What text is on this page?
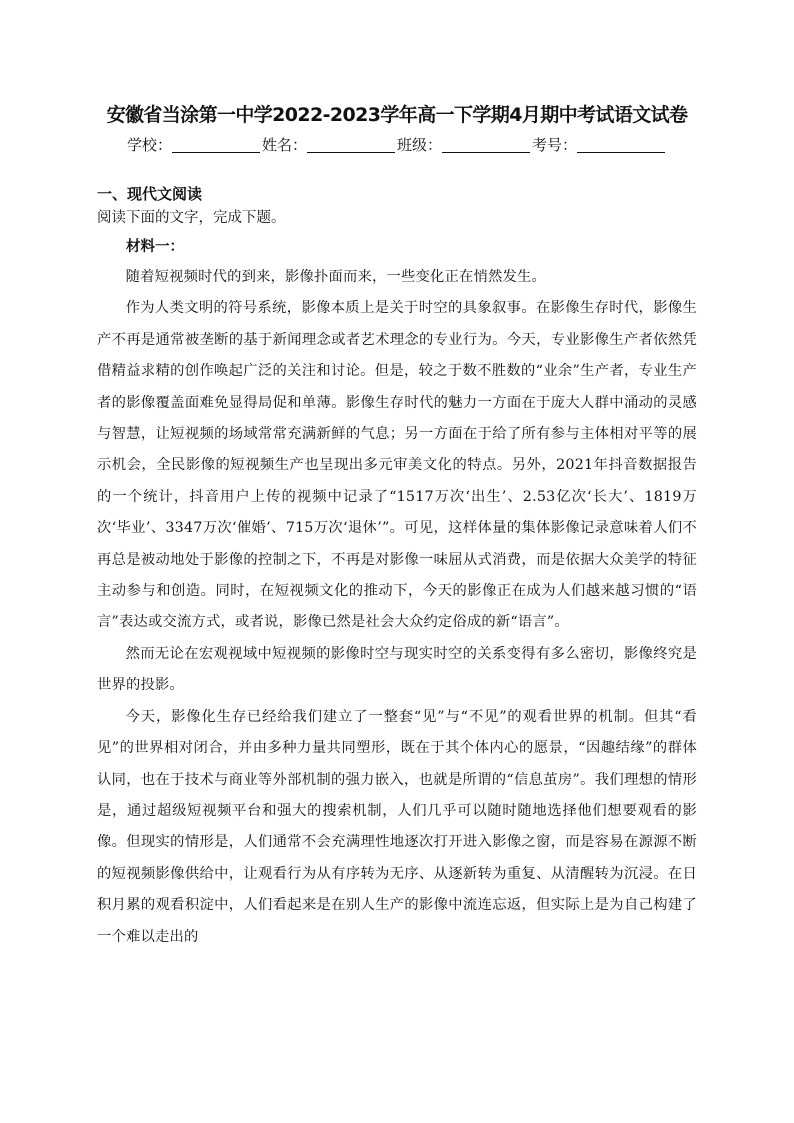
安徽省当涂第一中学2022-2023学年高一下学期4月期中考试语文试卷
学校：	姓名：	班级：	考号：
一、现代文阅读
阅读下面的文字，完成下题。
材料一：

随着短视频时代的到来，影像扑面而来，一些变化正在悄然发生。

作为人类文明的符号系统，影像本质上是关于时空的具象叙事。在影像生存时代，影像生产不再是通常被垄断的基于新闻理念或者艺术理念的专业行为。今天，专业影像生产者依然凭借精益求精的创作唤起广泛的关注和讨论。但是，较之于数不胜数的“业余”生产者，专业生产者的影像覆盖面难免显得局促和单薄。影像生存时代的魅力一方面在于庞大人群中涌动的灵感与智慧，让短视频的场域常常充满新鲜的气息；另一方面在于给了所有参与主体相对平等的展示机会，全民影像的短视频生产也呈现出多元审美文化的特点。另外，2021年抖音数据报告的一个统计，抖音用户上传的视频中记录了“1517万次‘出生’、2.53亿次‘长大’、1819万次‘毕业’、3347万次‘催婚’、715万次‘退休’”。可见，这样体量的集体影像记录意味着人们不再总是被动地处于影像的控制之下，不再是对影像一味屈从式消费，而是依据大众美学的特征主动参与和创造。同时，在短视频文化的推动下，今天的影像正在成为人们越来越习惯的“语言”表达或交流方式，或者说，影像已然是社会大众约定俗成的新“语言”。

然而无论在宏观视域中短视频的影像时空与现实时空的关系变得有多么密切，影像终究是世界的投影。

今天，影像化生存已经给我们建立了一整套“见”与“不见”的观看世界的机制。但其“看见”的世界相对闭合，并由多种力量共同塑形，既在于其个体内心的愿景，“因趣结缘”的群体认同，也在于技术与商业等外部机制的强力嵌入，也就是所谓的“信息茧房”。我们理想的情形是，通过超级短视频平台和强大的搜索机制，人们几乎可以随时随地选择他们想要观看的影像。但现实的情形是，人们通常不会充满理性地逐次打开进入影像之窗，而是容易在源源不断的短视频影像供给中，让观看行为从有序转为无序、从逐新转为重复、从清醒转为沉浸。在日积月累的观看积淀中，人们看起来是在别人生产的影像中流连忘返，但实际上是为自己构建了一个难以走出的
